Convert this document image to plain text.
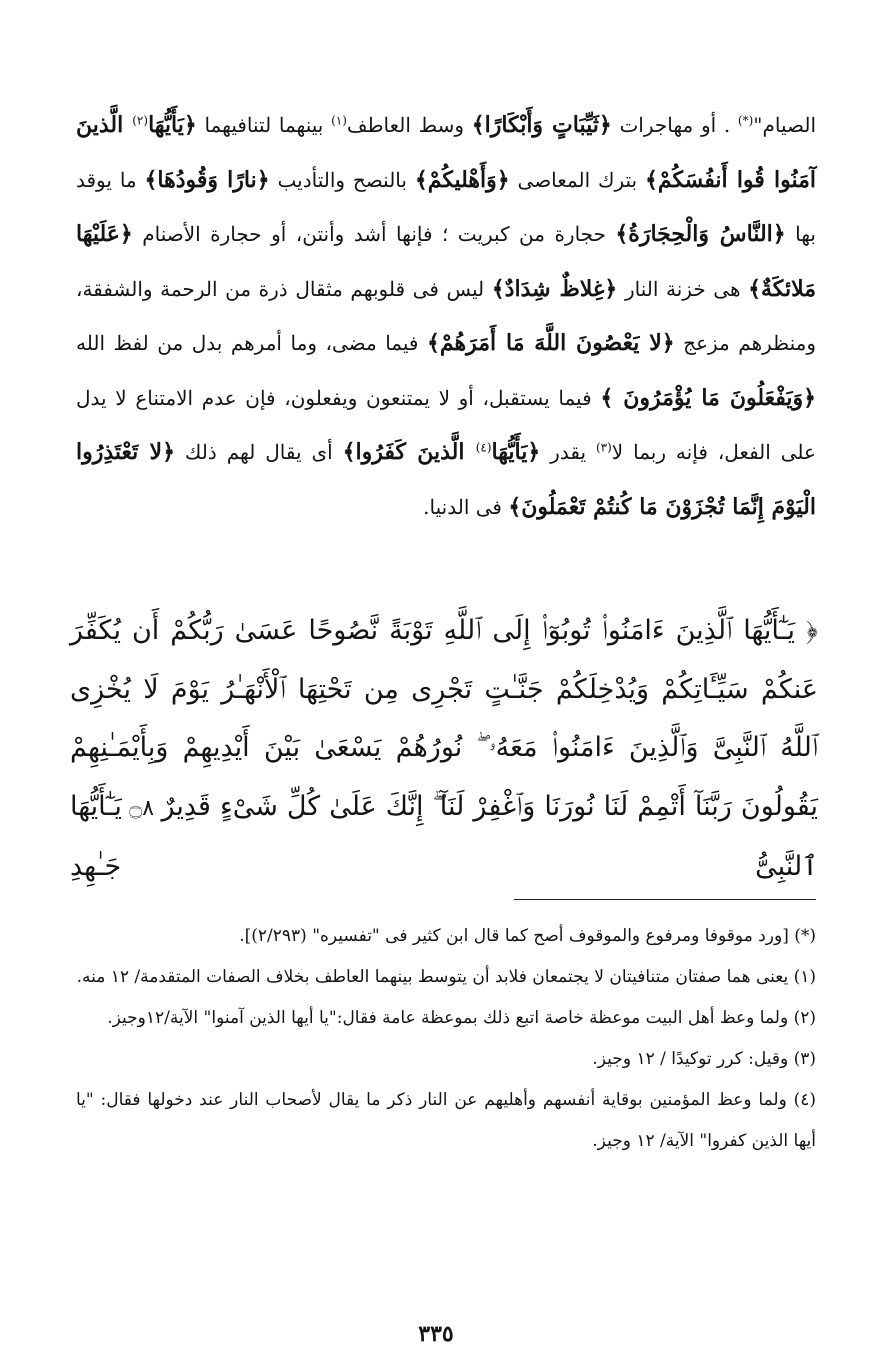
الصيام"(*) . أو مهاجرات ﴿ثَيِّبَاتٍ وَأَبْكَارًا﴾ وسط العاطف$^{(١)}$ بينهما لتنافيهما ﴿يَأَيُّهَا$^{(٢)}$ الَّذينَ آمَنُوا قُوا أَنفُسَكُمْ﴾ بترك المعاصى ﴿وَأَهْليكُمْ﴾ بالنصح والتأديب ﴿نارًا وَقُودُهَا﴾ ما يوقد بها ﴿النَّاسُ وَالْحِجَارَةُ﴾ حجارة من كبريت ؛ فإنها أشد وأنتن، أو حجارة الأصنام ﴿عَلَيْهَا مَلائكَةٌ﴾ هى خزنة النار ﴿غِلاظٌ شِدَادٌ﴾ ليس فى قلوبهم مثقال ذرة من الرحمة والشفقة، ومنظرهم مزعج ﴿لا يَعْصُونَ اللَّهَ مَا أَمَرَهُمْ﴾ فيما مضى، وما أمرهم بدل من لفظ الله ﴿وَيَفْعَلُونَ مَا يُؤْمَرُونَ ﴾ فيما يستقبل، أو لا يمتنعون ويفعلون، فإن عدم الامتناع لا يدل على الفعل، فإنه ربما لا$^{(٣)}$ يقدر ﴿يَأَيُّهَا$^{(٤)}$ الَّذينَ كَفَرُوا﴾ أى يقال لهم ذلك ﴿لا تَعْتَذِرُوا الْيَوْمَ إِنَّمَا تُجْزَوْنَ مَا كُنتُمْ تَعْمَلُونَ﴾ فى الدنيا.
﴿ يَـٰٓأَيُّهَا ٱلَّذِينَ ءَامَنُوا۟ تُوبُوٓا۟ إِلَى ٱللَّهِ تَوْبَةً نَّصُوحًا عَسَىٰ رَبُّكُمْ أَن يُكَفِّرَ عَنكُمْ سَيِّـَٔاتِكُمْ وَيُدْخِلَكُمْ جَنَّـٰتٍ تَجْرِى مِن تَحْتِهَا ٱلْأَنْهَـٰرُ يَوْمَ لَا يُخْزِى ٱللَّهُ ٱلنَّبِىَّ وَٱلَّذِينَ ءَامَنُوا۟ مَعَهُۥ ۖ نُورُهُمْ يَسْعَىٰ بَيْنَ أَيْدِيهِمْ وَبِأَيْمَـٰنِهِمْ يَقُولُونَ رَبَّنَآ أَتْمِمْ لَنَا نُورَنَا وَٱغْفِرْ لَنَآ ۖ إِنَّكَ عَلَىٰ كُلِّ شَىْءٍ قَدِيرٌ ۝٨ يَـٰٓأَيُّهَا ٱلنَّبِىُّ جَـٰهِدِ

(*) [ورد موقوفا ومرفوع والموقوف أصح كما قال ابن كثير فى "تفسيره" (٢/٢٩٣)].

(١) يعنى هما صفتان متنافيتان لا يجتمعان فلابد أن يتوسط بينهما العاطف بخلاف الصفات المتقدمة/ ١٢ منه.

(٢) ولما وعظ أهل البيت موعظة خاصة اتبع ذلك بموعظة عامة فقال:"يا أيها الذين آمنوا" الآية/١٢وجيز.

(٣) وقيل: كرر توكيدًا / ١٢ وجيز.

(٤) ولما وعظ المؤمنين بوقاية أنفسهم وأهليهم عن النار ذكر ما يقال لأصحاب النار عند دخولها فقال: "يا أيها الذين كفروا" الآية/ ١٢ وجيز.

٣٣٥
